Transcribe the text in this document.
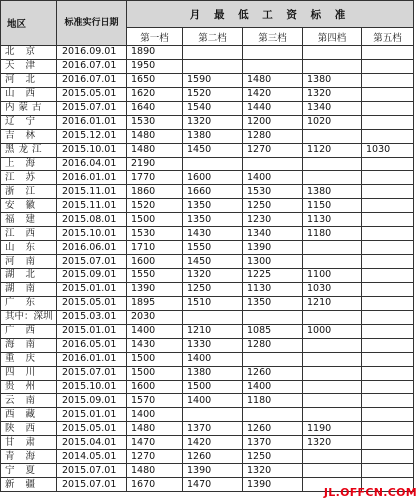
地区	标准实行日期	月 最 低 工 资 标 准				
		第一档	第二档	第三档	第四档	第五档
北 京	2016.09.01	1890				
天 津	2016.07.01	1950				
河 北	2016.07.01	1650	1590	1480	1380	
山 西	2015.05.01	1620	1520	1420	1320	
内蒙古	2015.07.01	1640	1540	1440	1340	
辽 宁	2016.01.01	1530	1320	1200	1020	
吉 林	2015.12.01	1480	1380	1280		
黑龙江	2015.10.01	1480	1450	1270	1120	1030
上 海	2016.04.01	2190				
江 苏	2016.01.01	1770	1600	1400		
浙 江	2015.11.01	1860	1660	1530	1380	
安 徽	2015.11.01	1520	1350	1250	1150	
福 建	2015.08.01	1500	1350	1230	1130	
江 西	2015.10.01	1530	1430	1340	1180	
山 东	2016.06.01	1710	1550	1390		
河 南	2015.07.01	1600	1450	1300		
湖 北	2015.09.01	1550	1320	1225	1100	
湖 南	2015.01.01	1390	1250	1130	1030	
广 东	2015.05.01	1895	1510	1350	1210	
其中：深圳	2015.03.01	2030				
广 西	2015.01.01	1400	1210	1085	1000	
海 南	2016.05.01	1430	1330	1280		
重 庆	2016.01.01	1500	1400			
四 川	2015.07.01	1500	1380	1260		
贵 州	2015.10.01	1600	1500	1400		
云 南	2015.09.01	1570	1400	1180		
西 藏	2015.01.01	1400				
陕 西	2015.05.01	1480	1370	1260	1190	
甘 肃	2015.04.01	1470	1420	1370	1320	
青 海	2014.05.01	1270	1260	1250		
宁 夏	2015.07.01	1480	1390	1320		
新 疆	2015.07.01	1670	1470	1390		
JL.OFFCN.COM
